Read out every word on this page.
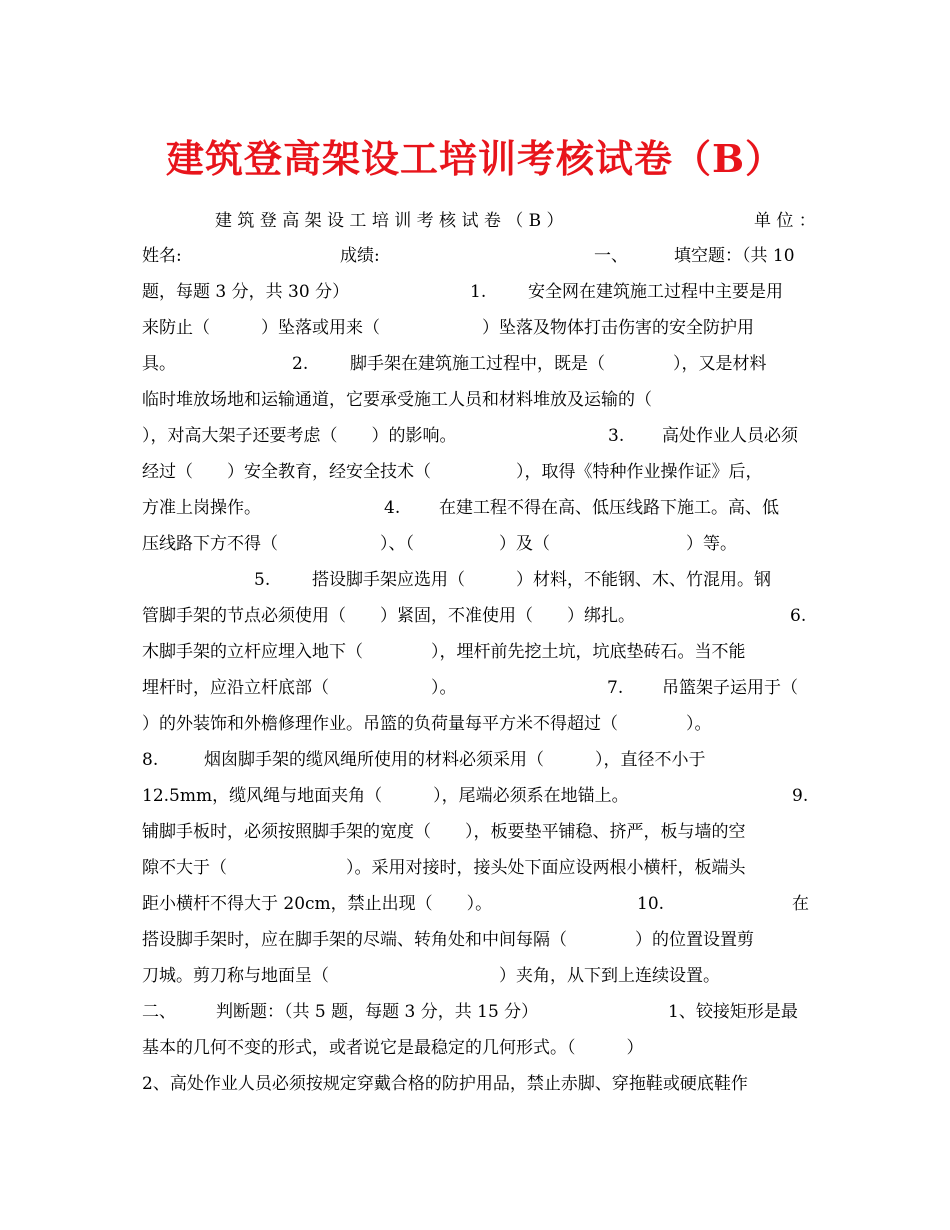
建筑登高架设工培训考核试卷（B）
建 筑 登 高 架 设 工 培 训 考 核 试 卷 （ B ）	单 位 ：
姓名:	成绩:	一、	填空题：（共 10
题，每题 3 分，共 30 分）	1. 安全网在建筑施工过程中主要是用
来防止（　　　）坠落或用来（　　　　　　）坠落及物体打击伤害的安全防护用
具。	2. 脚手架在建筑施工过程中，既是（　　　　），又是材料
临时堆放场地和运输通道，它要承受施工人员和材料堆放及运输的（
），对高大架子还要考虑（　　）的影响。	3. 高处作业人员必须
经过（　　）安全教育，经安全技术（　　　　　），取得《特种作业操作证》后，
方准上岗操作。	4. 在建工程不得在高、低压线路下施工。高、低
压线路下方不得（　　　　　　）、（　　　　　）及（　　　　　　　　）等。
5. 搭设脚手架应选用（　　　）材料，不能钢、木、竹混用。钢
管脚手架的节点必须使用（　　）紧固，不准使用（　　）绑扎。	6.
木脚手架的立杆应埋入地下（　　　　），埋杆前先挖土坑，坑底垫砖石。当不能
埋杆时，应沿立杆底部（　　　　　　）。	7. 吊篮架子运用于（
）的外装饰和外檐修理作业。吊篮的负荷量每平方米不得超过（　　　　）。
8.	烟囱脚手架的缆风绳所使用的材料必须采用（　　　），直径不小于
12.5mm，缆风绳与地面夹角（　　　），尾端必须系在地锚上。	9.
铺脚手板时，必须按照脚手架的宽度（　　），板要垫平铺稳、挤严，板与墙的空
隙不大于（　　　　　　　）。采用对接时，接头处下面应设两根小横杆，板端头
距小横杆不得大于 20cm，禁止出现（　　）。	10.	在
搭设脚手架时，应在脚手架的尽端、转角处和中间每隔（　　　　）的位置设置剪
刀城。剪刀称与地面呈（　　　　　　　　　　）夹角，从下到上连续设置。
二、 判断题：（共 5 题，每题 3 分，共 15 分）	1、铰接矩形是最
基本的几何不变的形式，或者说它是最稳定的几何形式。（　　　）
2、高处作业人员必须按规定穿戴合格的防护用品，禁止赤脚、穿拖鞋或硬底鞋作
